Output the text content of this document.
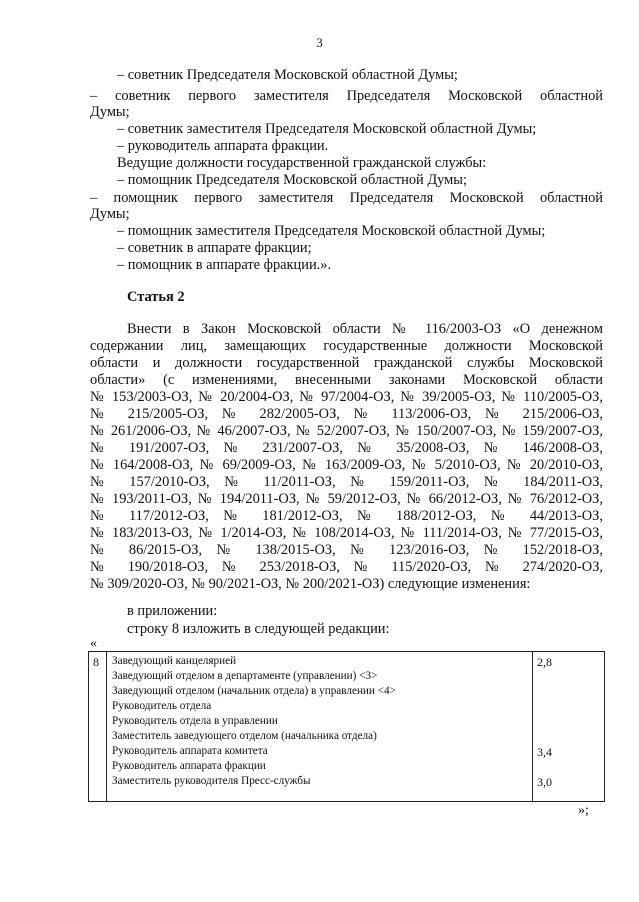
3
– советник Председателя Московской областной Думы;
– советник первого заместителя Председателя Московской областной
Думы;
– советник заместителя Председателя Московской областной Думы;
– руководитель аппарата фракции.
Ведущие должности государственной гражданской службы:
– помощник Председателя Московской областной Думы;
– помощник первого заместителя Председателя Московской областной
Думы;
– помощник заместителя Председателя Московской областной Думы;
– советник в аппарате фракции;
– помощник в аппарате фракции.».
Статья 2
Внести в Закон Московской области № 116/2003-ОЗ «О денежном
содержании лиц, замещающих государственные должности Московской
области и должности государственной гражданской службы Московской
области» (с изменениями, внесенными законами Московской области
№ 153/2003-ОЗ, № 20/2004-ОЗ, № 97/2004-ОЗ, № 39/2005-ОЗ, № 110/2005-ОЗ,
№ 215/2005-ОЗ, № 282/2005-ОЗ, № 113/2006-ОЗ, № 215/2006-ОЗ,
№ 261/2006-ОЗ, № 46/2007-ОЗ, № 52/2007-ОЗ, № 150/2007-ОЗ, № 159/2007-ОЗ,
№ 191/2007-ОЗ, № 231/2007-ОЗ, № 35/2008-ОЗ, № 146/2008-ОЗ,
№ 164/2008-ОЗ, № 69/2009-ОЗ, № 163/2009-ОЗ, № 5/2010-ОЗ, № 20/2010-ОЗ,
№ 157/2010-ОЗ, № 11/2011-ОЗ, № 159/2011-ОЗ, № 184/2011-ОЗ,
№ 193/2011-ОЗ, № 194/2011-ОЗ, № 59/2012-ОЗ, № 66/2012-ОЗ, № 76/2012-ОЗ,
№ 117/2012-ОЗ, № 181/2012-ОЗ, № 188/2012-ОЗ, № 44/2013-ОЗ,
№ 183/2013-ОЗ, № 1/2014-ОЗ, № 108/2014-ОЗ, № 111/2014-ОЗ, № 77/2015-ОЗ,
№ 86/2015-ОЗ, № 138/2015-ОЗ, № 123/2016-ОЗ, № 152/2018-ОЗ,
№ 190/2018-ОЗ, № 253/2018-ОЗ, № 115/2020-ОЗ, № 274/2020-ОЗ,
№ 309/2020-ОЗ, № 90/2021-ОЗ, № 200/2021-ОЗ) следующие изменения:
в приложении:
строку 8 изложить в следующей редакции:
«
8 Заведующий канцелярией
Заведующий отделом в департаменте (управлении) <3>
Заведующий отделом (начальник отдела) в управлении <4>
Руководитель отдела
Руководитель отдела в управлении
Заместитель заведующего отделом (начальника отдела)
Руководитель аппарата комитета
Руководитель аппарата фракции
Заместитель руководителя Пресс-службы
2,8
3,4
3,0
»;
